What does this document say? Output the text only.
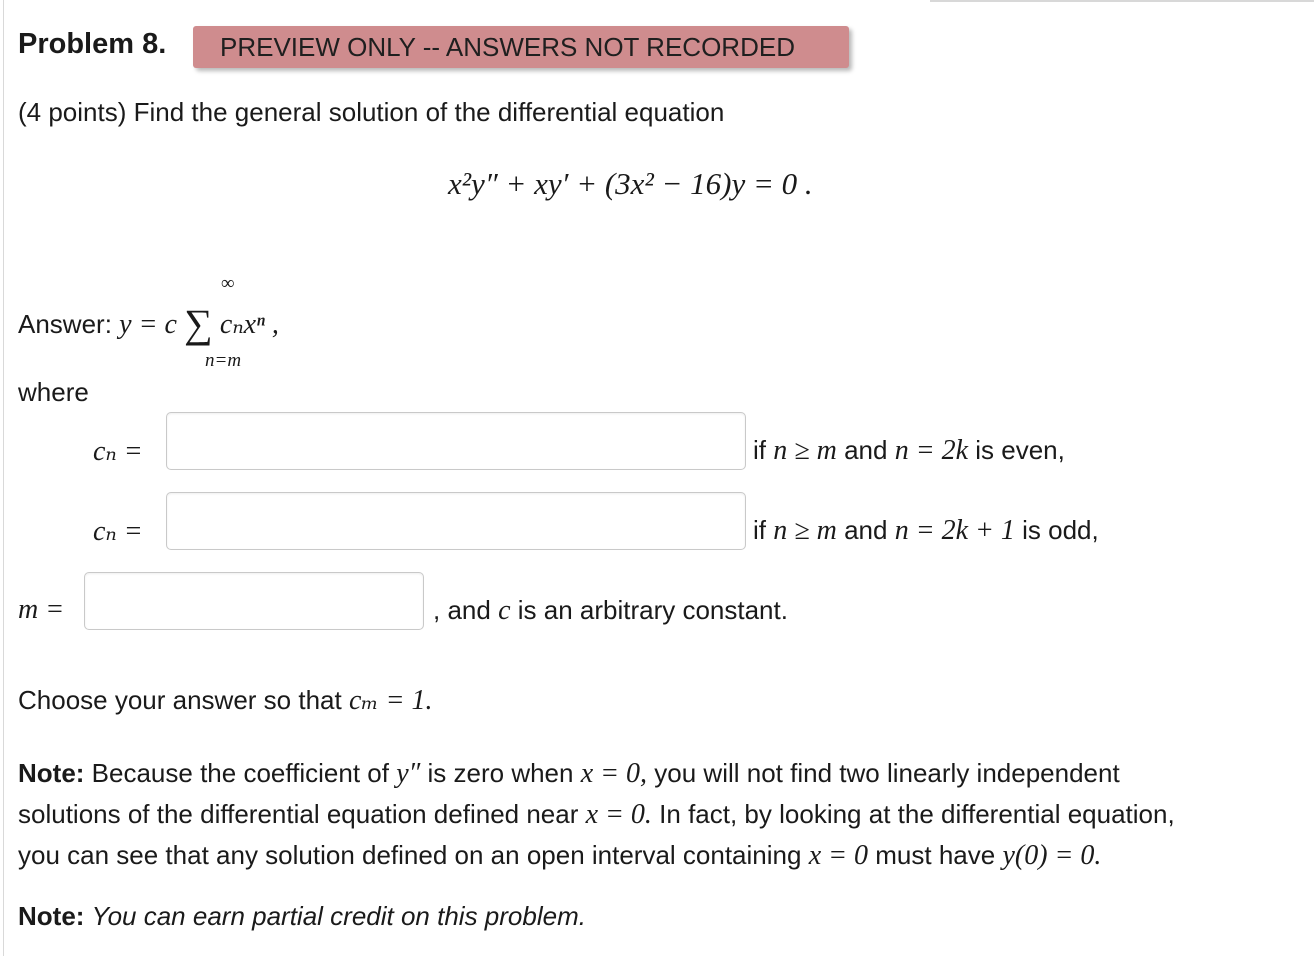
Problem 8.	PREVIEW ONLY -- ANSWERS NOT RECORDED
(4 points) Find the general solution of the differential equation
x²y″ + xy′ + (3x² − 16)y = 0 .
∞
Answer: y = c ∑ cₙxⁿ ,
n=m
where
cₙ =	if n ≥ m and n = 2k is even,
cₙ =	if n ≥ m and n = 2k + 1 is odd,
m =	, and c is an arbitrary constant.
Choose your answer so that cₘ = 1.
Note: Because the coefficient of y″ is zero when x = 0, you will not find two linearly independent
solutions of the differential equation defined near x = 0. In fact, by looking at the differential equation,
you can see that any solution defined on an open interval containing x = 0 must have y(0) = 0.
Note: You can earn partial credit on this problem.
